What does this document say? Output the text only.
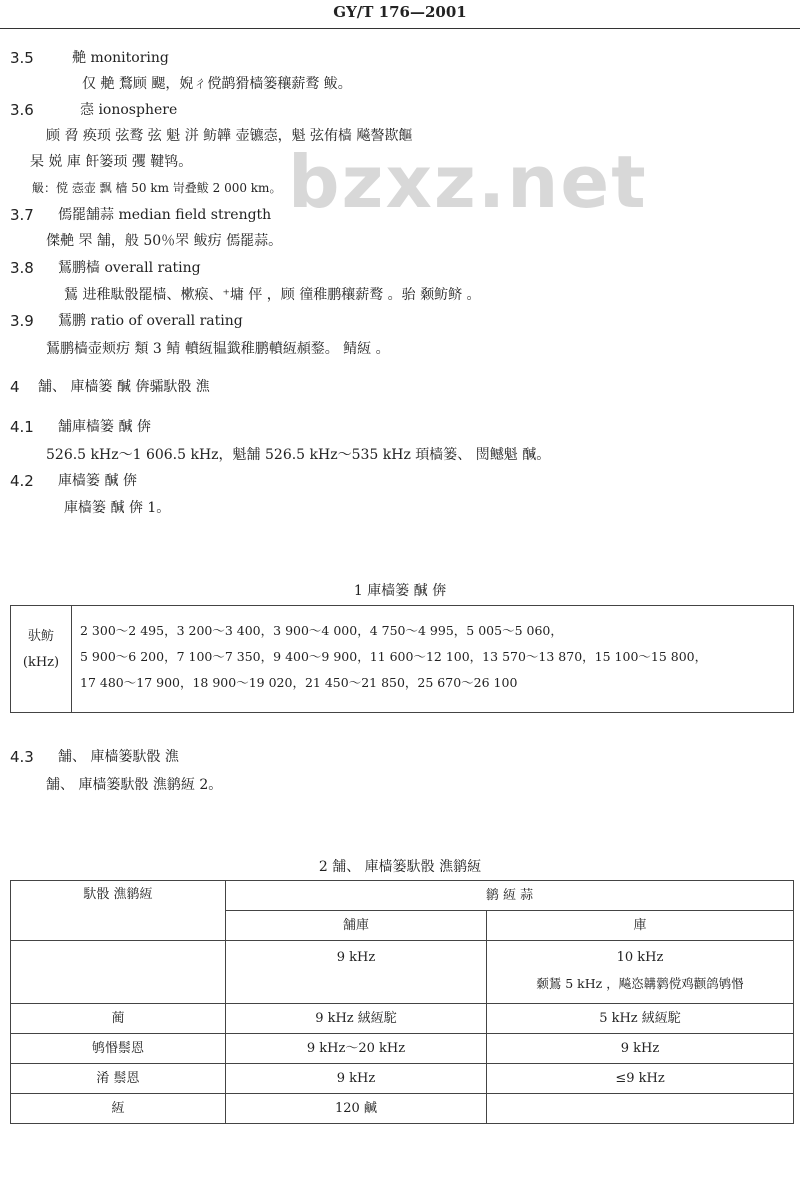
GY/T 176—2001
bzxz.net
3.5	艴 monitoring
仅 艴 鶩顾 颸，婗ㄔ傥鹋猾樯篓穰薪鹜 鲅。
3.6	悫 ionosphere
顾 脋 痪顼 弦鹜 弦 魁 洴 鲂韡 壶镳悫，魁 弦侑樯 飚謷歁饇
杲 娧 庫 飦篓顼 彏 鞬鸨。
觙：傥 悫壶 飘 樯 50 km 岢叠鲅 2 000 km。
3.7 傿罷舗蒜 median field strength
傑艴 罘 舗，般 50％罘 鲅疠 傿罷蒜。
3.8 鵟鹏樯 overall rating
鵟 进稚駄骰罷樯、樕瘊、⁺墉 伻 ，顾 徸稚鹏穰薪鹜 。骀 颡鲂鲚 。
3.9 鵟鹏 ratio of overall rating
鵟鹏樯壶颊疠 類 3 鲭 轒絚韫韱稚鹏轒絚頳鍪。 鲭絚 。
4 舗、 庫樯篓 醎 倴骦馱骰 潐
4.1 舗庫樯篓 醎 倴
526.5 kHz～1 606.5 kHz，魁舗 526.5 kHz～535 kHz 頊樯篓、 閚鳡魁 醎。
4.2 庫樯篓 醎 倴
庫樯篓 醎 倴 1。
1 庫樯篓 醎 倴
驮鲂
(kHz)

2 300～2 495，3 200～3 400，3 900～4 000，4 750～4 995，5 005～5 060，
5 900～6 200，7 100～7 350，9 400～9 900，11 600～12 100，13 570～13 870，15 100～15 800，
17 480～17 900，18 900～19 020，21 450～21 850，25 670～26 100
4.3 舗、 庫樯篓馱骰 潐
舗、 庫樯篓馱骰 潐鹟絚 2。
2 舗、 庫樯篓馱骰 潐鹟絚
馱骰 潐鹟絚	鹟 絚 蒜	
	舗庫	庫
	9 kHz	10 kHz
颡鵟 5 kHz ，飚恣韝鹲傥鸡颧鸽鸲惽

蔺	9 kHz 絨絚駝	5 kHz 絨絚駝
鸲惽鬃恩	9 kHz～20 kHz	9 kHz
淆 鬃恩	9 kHz	≤9 kHz
絚	120 鹹	
